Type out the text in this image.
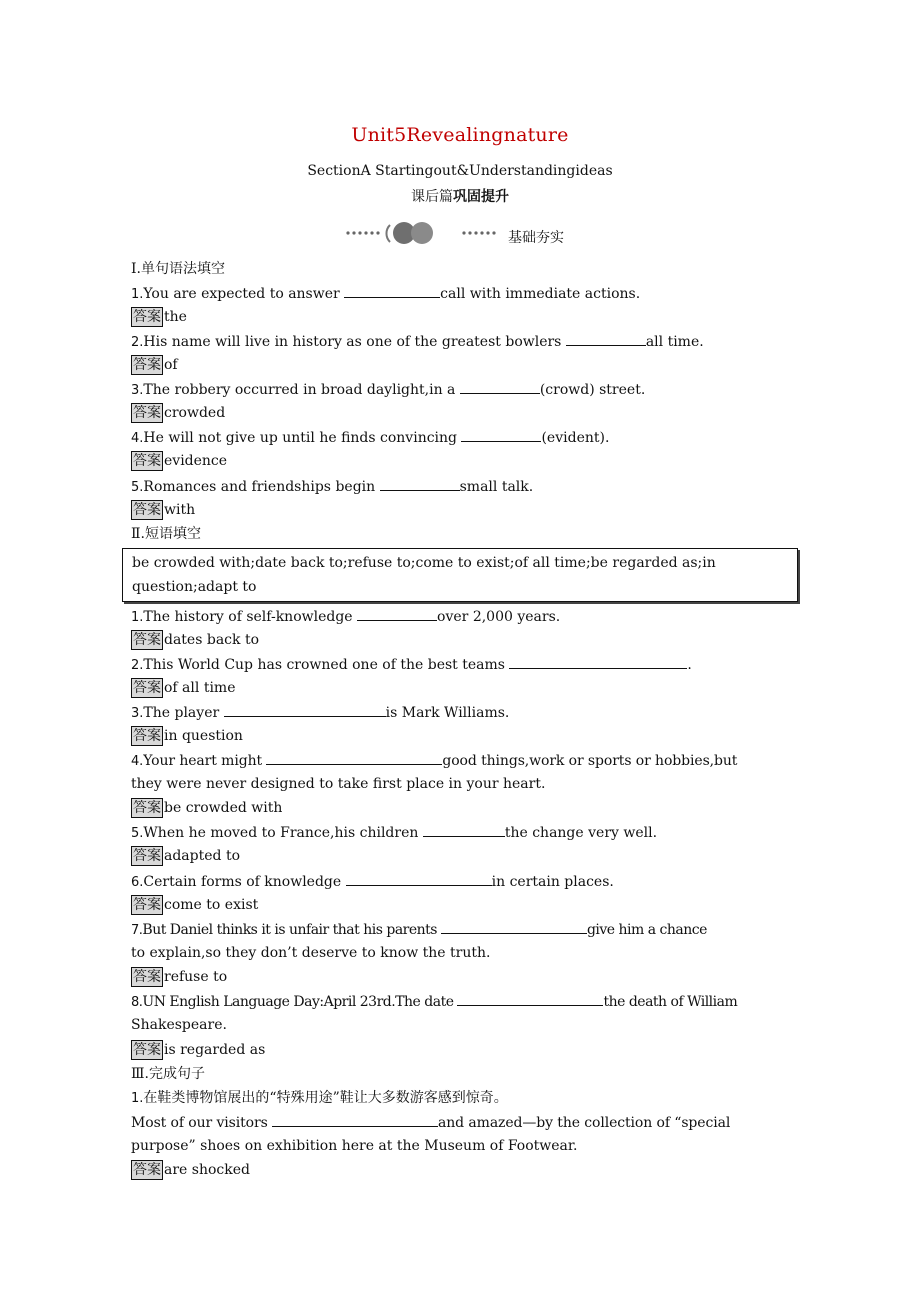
Unit5Revealingnature
SectionA Startingout&Understandingideas
课后篇巩固提升
基础夯实
Ⅰ.单句语法填空
1.You are expected to answer	call with immediate actions.
答案 the
2.His name will live in history as one of the greatest bowlers	all time.
答案 of
3.The robbery occurred in broad daylight,in a	(crowd) street.
答案 crowded
4.He will not give up until he finds convincing	(evident).
答案 evidence
5.Romances and friendships begin	small talk.
答案 with
Ⅱ.短语填空
be crowded with;date back to;refuse to;come to exist;of all time;be regarded as;in
question;adapt to
1.The history of self-knowledge	over 2,000 years.
答案 dates back to
2.This World Cup has crowned one of the best teams	.
答案 of all time
3.The player	is Mark Williams.
答案 in question
4.Your heart might	good things,work or sports or hobbies,but
they were never designed to take first place in your heart.
答案 be crowded with
5.When he moved to France,his children	the change very well.
答案 adapted to
6.Certain forms of knowledge	in certain places.
答案 come to exist
7.But Daniel thinks it is unfair that his parents	give him a chance
to explain,so they don’t deserve to know the truth.
答案 refuse to
8.UN English Language Day:April 23rd.The date	the death of William
Shakespeare.
答案 is regarded as
Ⅲ.完成句子
1.在鞋类博物馆展出的“特殊用途”鞋让大多数游客感到惊奇。
Most of our visitors	and amazed—by the collection of “special
purpose” shoes on exhibition here at the Museum of Footwear.
答案 are shocked
